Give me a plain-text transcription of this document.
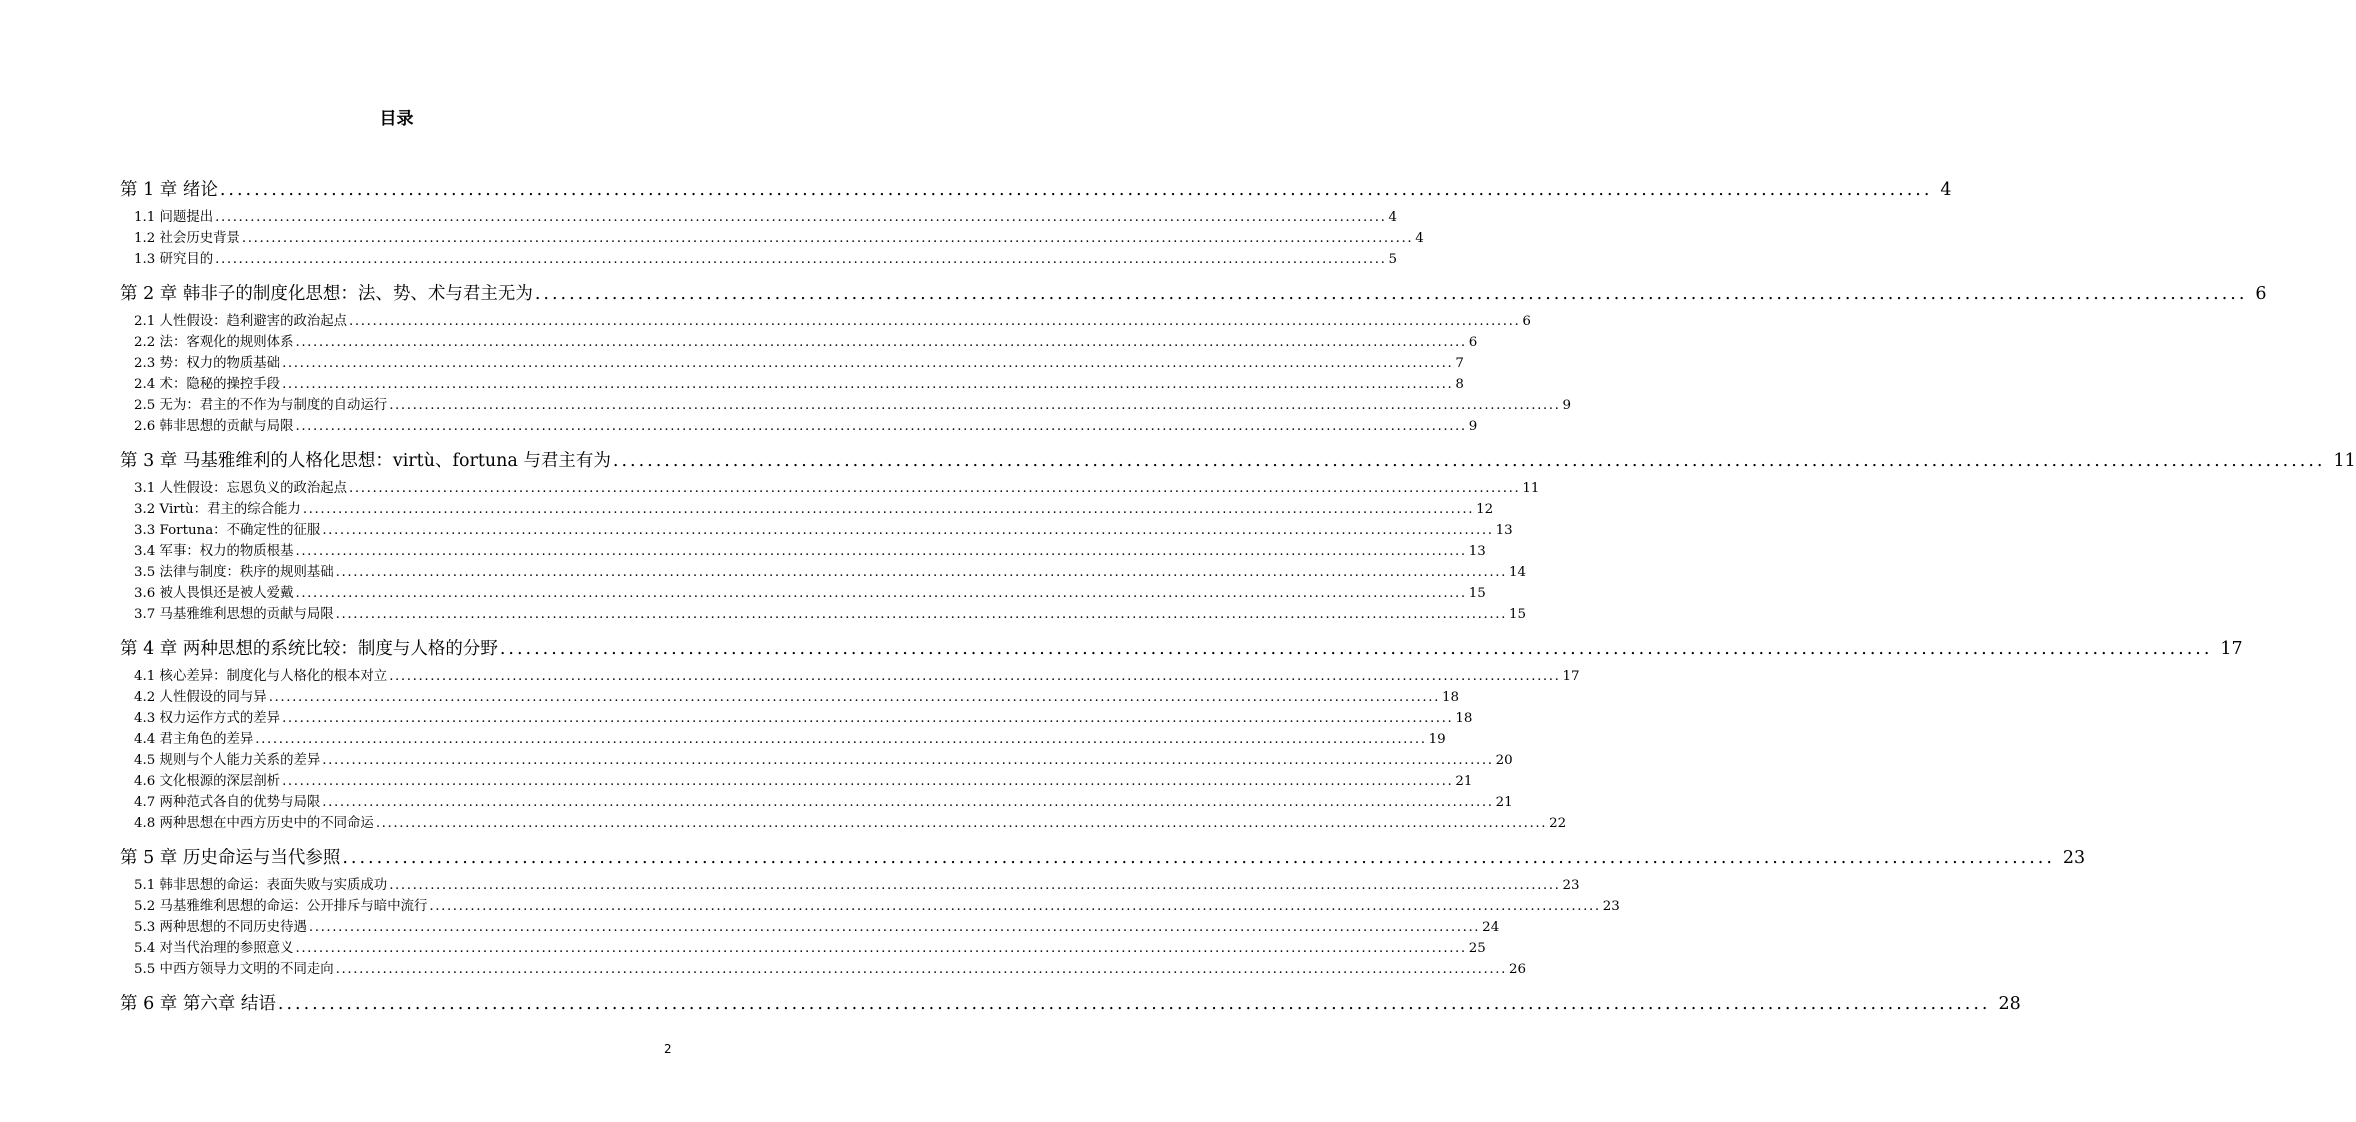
目录
第 1 章 绪论 .....	4
1.1 问题提出 .....	4
1.2 社会历史背景 .....	4
1.3 研究目的 .....	5
第 2 章 韩非子的制度化思想：法、势、术与君主无为 .....	6
2.1 人性假设：趋利避害的政治起点 .....	6
2.2 法：客观化的规则体系 .....	6
2.3 势：权力的物质基础 .....	7
2.4 术：隐秘的操控手段 .....	8
2.5 无为：君主的不作为与制度的自动运行 .....	9
2.6 韩非思想的贡献与局限 .....	9
第 3 章 马基雅维利的人格化思想：virtù、fortuna 与君主有为 .....	11
3.1 人性假设：忘恩负义的政治起点 .....	11
3.2 Virtù：君主的综合能力 .....	12
3.3 Fortuna：不确定性的征服 .....	13
3.4 军事：权力的物质根基 .....	13
3.5 法律与制度：秩序的规则基础 .....	14
3.6 被人畏惧还是被人爱戴 .....	15
3.7 马基雅维利思想的贡献与局限 .....	15
第 4 章 两种思想的系统比较：制度与人格的分野 .....	17
4.1 核心差异：制度化与人格化的根本对立 .....	17
4.2 人性假设的同与异 .....	18
4.3 权力运作方式的差异 .....	18
4.4 君主角色的差异 .....	19
4.5 规则与个人能力关系的差异 .....	20
4.6 文化根源的深层剖析 .....	21
4.7 两种范式各自的优势与局限 .....	21
4.8 两种思想在中西方历史中的不同命运 .....	22
第 5 章 历史命运与当代参照 .....	23
5.1 韩非思想的命运：表面失败与实质成功 .....	23
5.2 马基雅维利思想的命运：公开排斥与暗中流行 .....	23
5.3 两种思想的不同历史待遇 .....	24
5.4 对当代治理的参照意义 .....	25
5.5 中西方领导力文明的不同走向 .....	26
第 6 章 第六章 结语 .....	28
2
